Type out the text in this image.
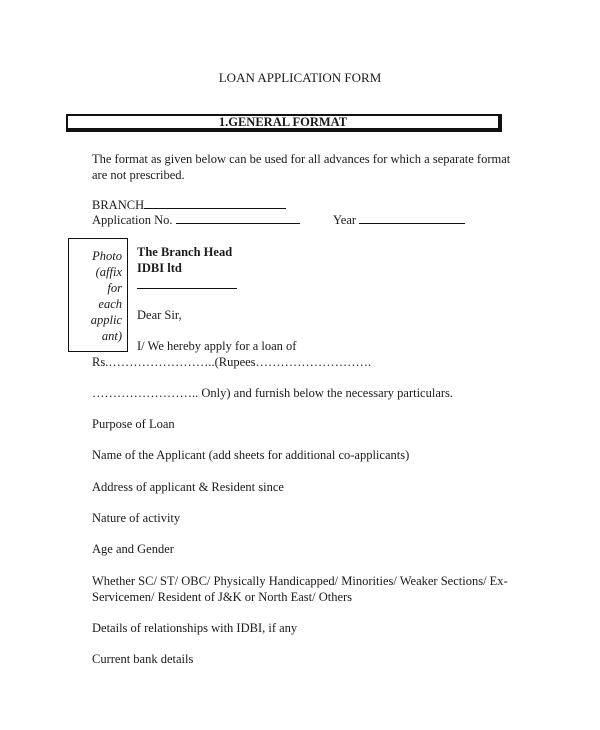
LOAN APPLICATION FORM
1.GENERAL FORMAT
The format as given below can be used for all advances for which a separate format are not prescribed.
BRANCH
Application No.	Year
Photo
(affix
for
each
applic
ant)
The Branch Head
IDBI ltd
Dear Sir,
I/ We hereby apply for a loan of
Rs.……………………..(Rupees……………………….
…………………….. Only) and furnish below the necessary particulars.
Purpose of Loan
Name of the Applicant (add sheets for additional co-applicants)
Address of applicant & Resident since
Nature of activity
Age and Gender
Whether SC/ ST/ OBC/ Physically Handicapped/ Minorities/ Weaker Sections/ Ex-
Servicemen/ Resident of J&K or North East/ Others
Details of relationships with IDBI, if any
Current bank details
